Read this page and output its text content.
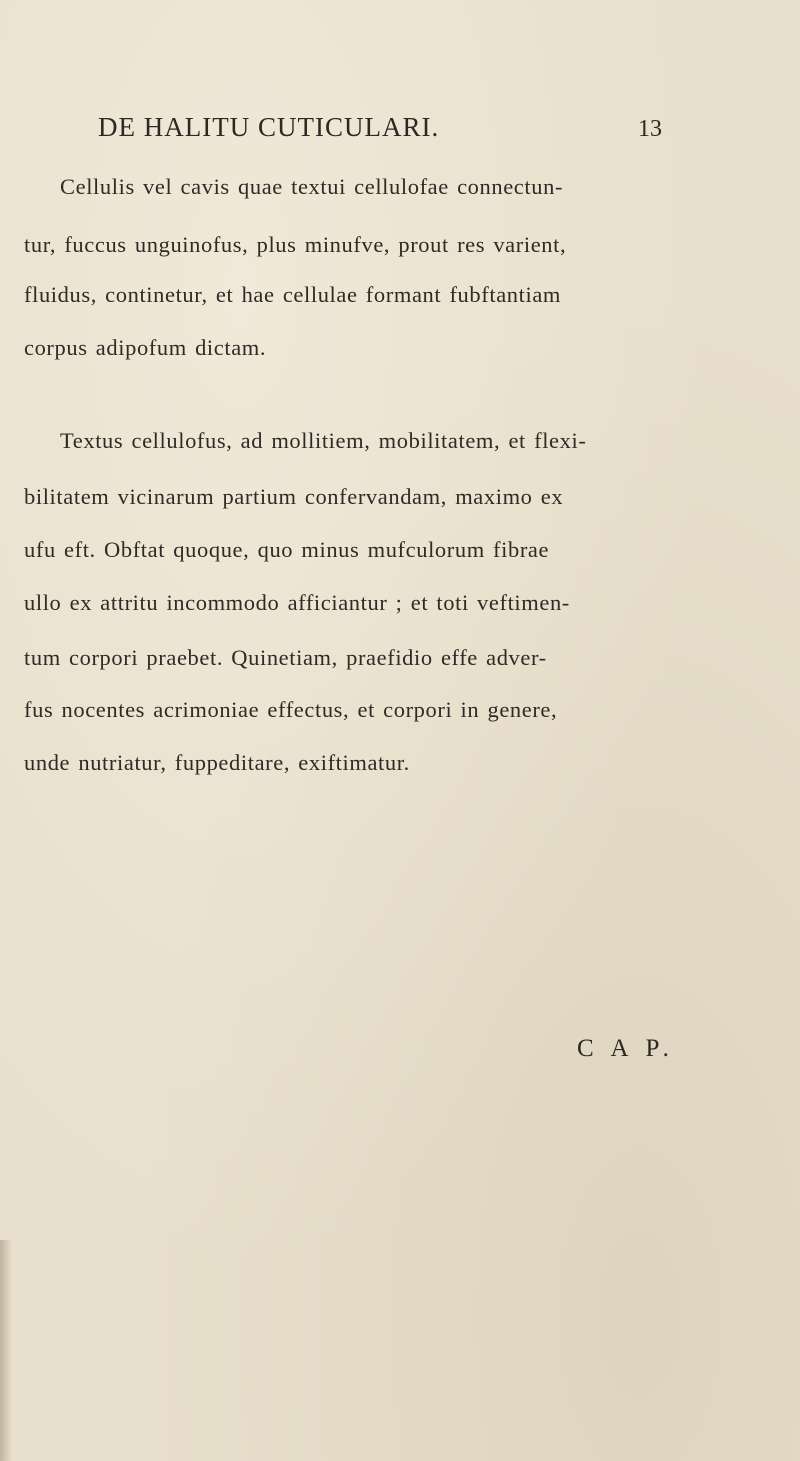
DE HALITU CUTICULARI.	13
Cellulis vel cavis quae textui cellulofae connectun-
tur, fuccus unguinofus, plus minufve, prout res varient,
fluidus, continetur, et hae cellulae formant fubftantiam
corpus adipofum dictam.
Textus cellulofus, ad mollitiem, mobilitatem, et flexi-
bilitatem vicinarum partium confervandam, maximo ex
ufu eft. Obftat quoque, quo minus mufculorum fibrae
ullo ex attritu incommodo afficiantur ; et toti veftimen-
tum corpori praebet. Quinetiam, praefidio effe adver-
fus nocentes acrimoniae effectus, et corpori in genere,
unde nutriatur, fuppeditare, exiftimatur.
C A P.
